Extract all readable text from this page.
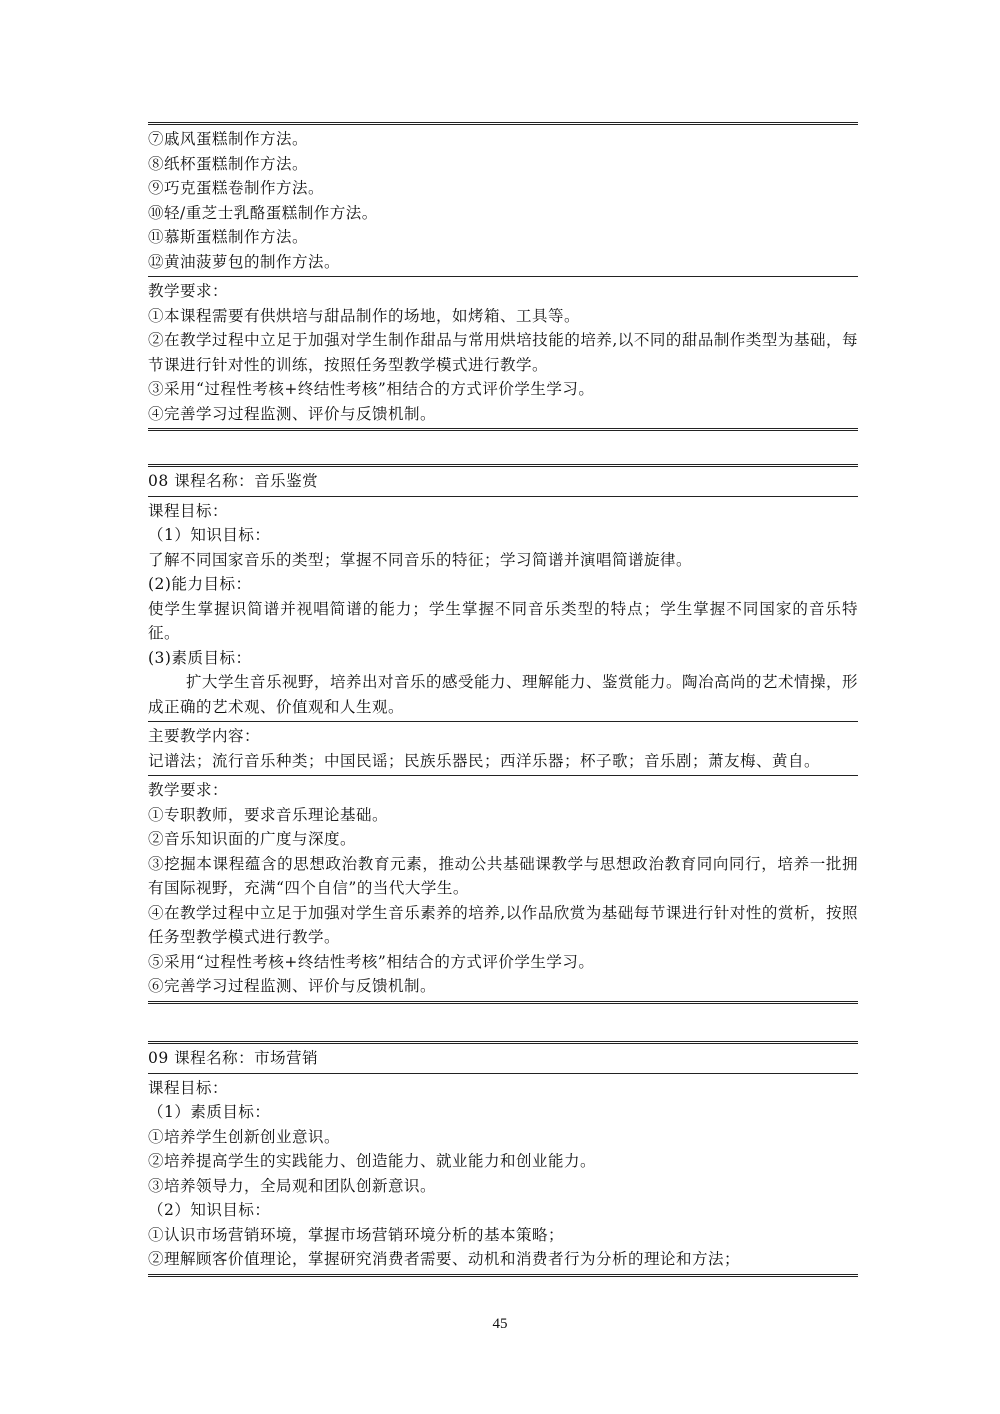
⑦戚风蛋糕制作方法。
⑧纸杯蛋糕制作方法。
⑨巧克蛋糕卷制作方法。
⑩轻/重芝士乳酪蛋糕制作方法。
⑪慕斯蛋糕制作方法。
⑫黄油菠萝包的制作方法。
教学要求：
①本课程需要有供烘培与甜品制作的场地，如烤箱、工具等。
②在教学过程中立足于加强对学生制作甜品与常用烘培技能的培养,以不同的甜品制作类型为基础，每节课进行针对性的训练，按照任务型教学模式进行教学。
③采用“过程性考核+终结性考核”相结合的方式评价学生学习。
④完善学习过程监测、评价与反馈机制。
08 课程名称：音乐鉴赏
课程目标：
（1）知识目标：
了解不同国家音乐的类型；掌握不同音乐的特征；学习简谱并演唱简谱旋律。
(2)能力目标：
使学生掌握识简谱并视唱简谱的能力；学生掌握不同音乐类型的特点；学生掌握不同国家的音乐特征。
(3)素质目标：
扩大学生音乐视野，培养出对音乐的感受能力、理解能力、鉴赏能力。陶冶高尚的艺术情操，形成正确的艺术观、价值观和人生观。
主要教学内容：
记谱法；流行音乐种类；中国民谣；民族乐器民；西洋乐器；杯子歌；音乐剧；萧友梅、黄自。
教学要求：
①专职教师，要求音乐理论基础。
②音乐知识面的广度与深度。
③挖掘本课程蕴含的思想政治教育元素，推动公共基础课教学与思想政治教育同向同行，培养一批拥有国际视野，充满“四个自信”的当代大学生。
④在教学过程中立足于加强对学生音乐素养的培养,以作品欣赏为基础每节课进行针对性的赏析，按照任务型教学模式进行教学。
⑤采用“过程性考核+终结性考核”相结合的方式评价学生学习。
⑥完善学习过程监测、评价与反馈机制。
09 课程名称：市场营销
课程目标：
（1）素质目标：
①培养学生创新创业意识。
②培养提高学生的实践能力、创造能力、就业能力和创业能力。
③培养领导力，全局观和团队创新意识。
（2）知识目标：
①认识市场营销环境，掌握市场营销环境分析的基本策略；
②理解顾客价值理论，掌握研究消费者需要、动机和消费者行为分析的理论和方法；
45
